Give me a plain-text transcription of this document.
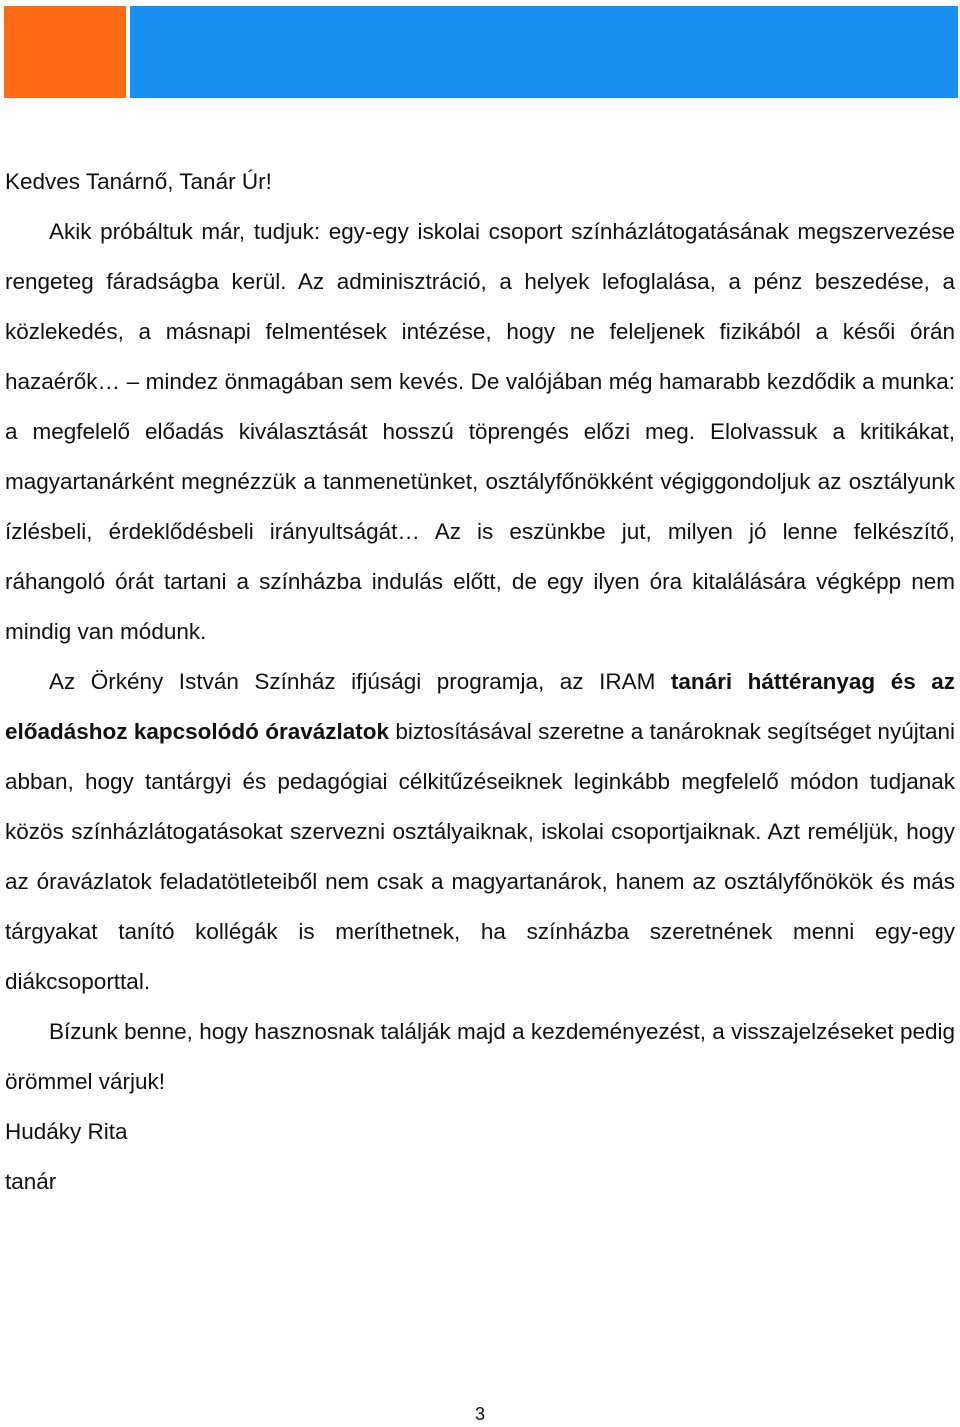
Kedves Tanárnő, Tanár Úr!

Akik próbáltuk már, tudjuk: egy-egy iskolai csoport színházlátogatásának megszervezése rengeteg fáradságba kerül. Az adminisztráció, a helyek lefoglalása, a pénz beszedése, a közlekedés, a másnapi felmentések intézése, hogy ne feleljenek fizikából a késői órán hazaérők… – mindez önmagában sem kevés. De valójában még hamarabb kezdődik a munka: a megfelelő előadás kiválasztását hosszú töprengés előzi meg. Elolvassuk a kritikákat, magyartanárként megnézzük a tanmenetünket, osztályfőnökként végiggondoljuk az osztályunk ízlésbeli, érdeklődésbeli irányultságát… Az is eszünkbe jut, milyen jó lenne felkészítő, ráhangoló órát tartani a színházba indulás előtt, de egy ilyen óra kitalálására végképp nem mindig van módunk.

Az Örkény István Színház ifjúsági programja, az IRAM tanári háttéranyag és az előadáshoz kapcsolódó óravázlatok biztosításával szeretne a tanároknak segítséget nyújtani abban, hogy tantárgyi és pedagógiai célkitűzéseiknek leginkább megfelelő módon tudjanak közös színházlátogatásokat szervezni osztályaiknak, iskolai csoportjaiknak. Azt reméljük, hogy az óravázlatok feladatötleteiből nem csak a magyartanárok, hanem az osztályfőnökök és más tárgyakat tanító kollégák is meríthetnek, ha színházba szeretnének menni egy-egy diákcsoporttal.

Bízunk benne, hogy hasznosnak találják majd a kezdeményezést, a visszajelzéseket pedig örömmel várjuk!

Hudáky Rita

tanár

3
